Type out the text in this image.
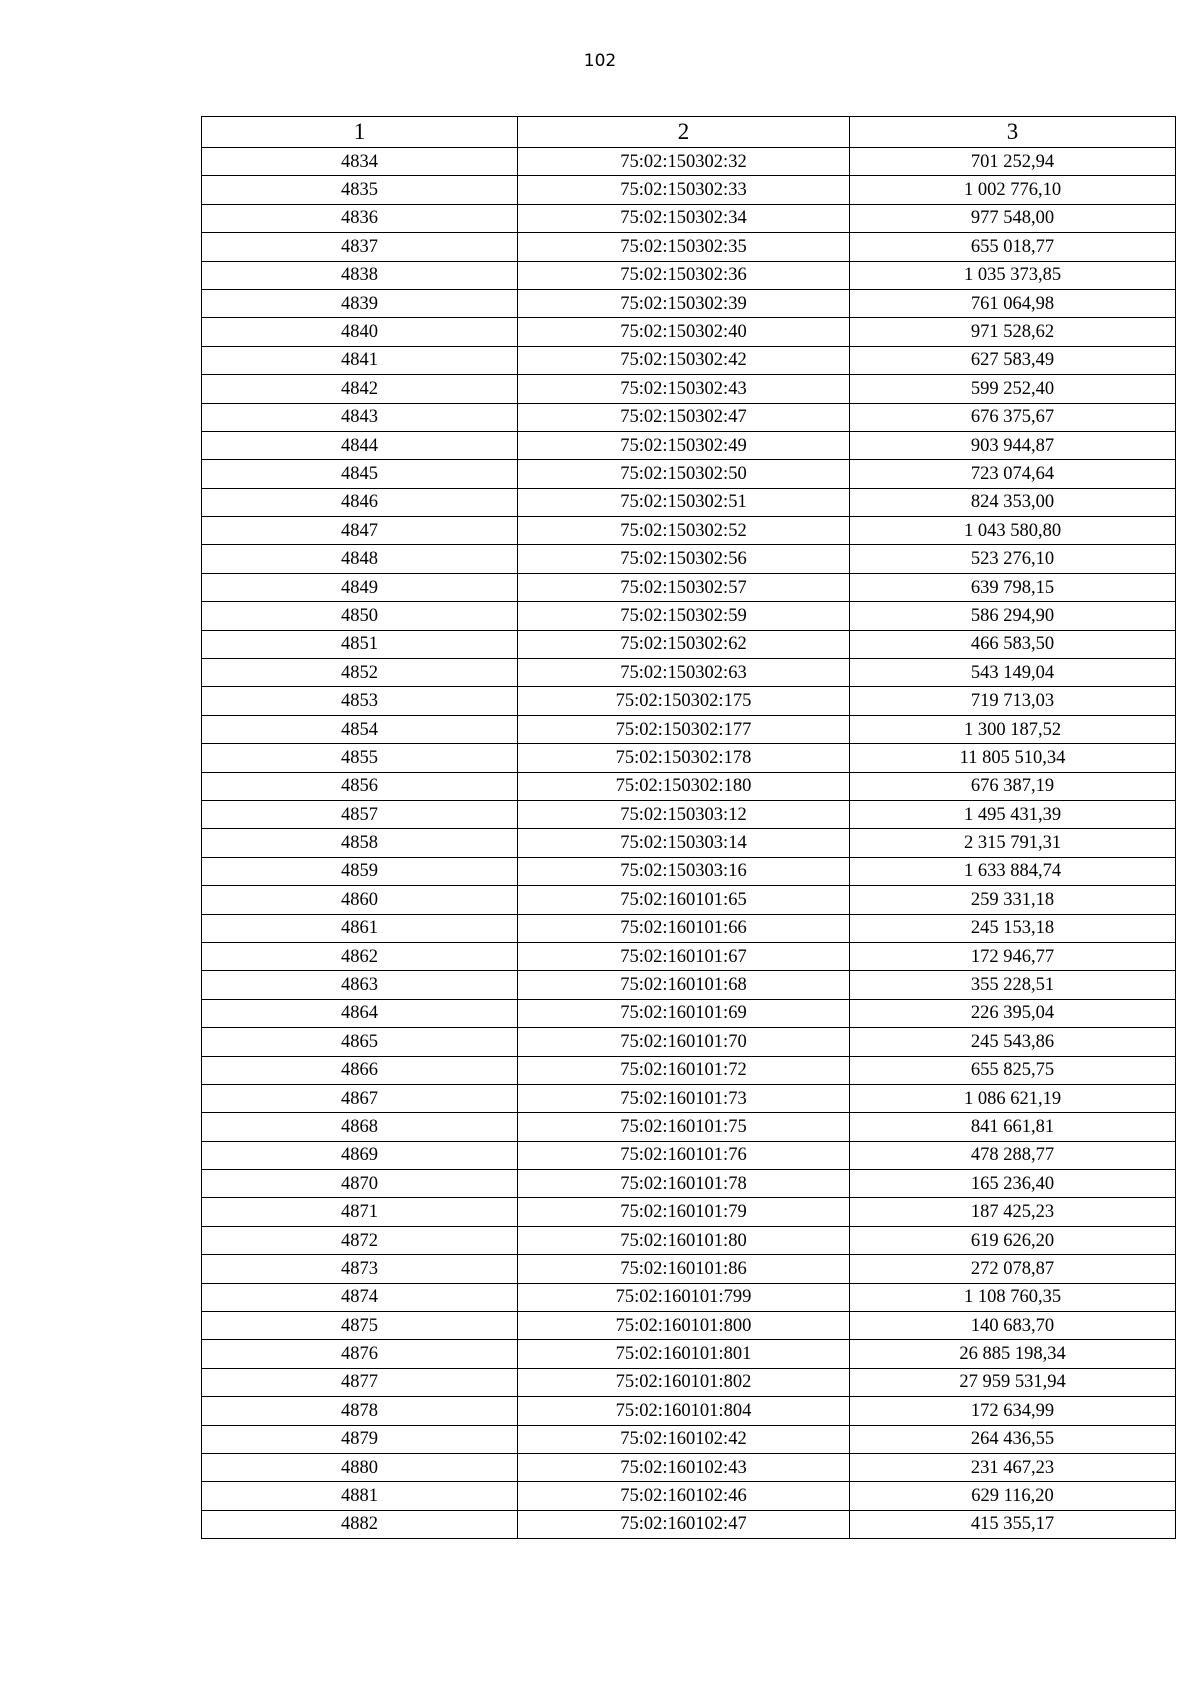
102
1	2	3
4834	75:02:150302:32	701 252,94
4835	75:02:150302:33	1 002 776,10
4836	75:02:150302:34	977 548,00
4837	75:02:150302:35	655 018,77
4838	75:02:150302:36	1 035 373,85
4839	75:02:150302:39	761 064,98
4840	75:02:150302:40	971 528,62
4841	75:02:150302:42	627 583,49
4842	75:02:150302:43	599 252,40
4843	75:02:150302:47	676 375,67
4844	75:02:150302:49	903 944,87
4845	75:02:150302:50	723 074,64
4846	75:02:150302:51	824 353,00
4847	75:02:150302:52	1 043 580,80
4848	75:02:150302:56	523 276,10
4849	75:02:150302:57	639 798,15
4850	75:02:150302:59	586 294,90
4851	75:02:150302:62	466 583,50
4852	75:02:150302:63	543 149,04
4853	75:02:150302:175	719 713,03
4854	75:02:150302:177	1 300 187,52
4855	75:02:150302:178	11 805 510,34
4856	75:02:150302:180	676 387,19
4857	75:02:150303:12	1 495 431,39
4858	75:02:150303:14	2 315 791,31
4859	75:02:150303:16	1 633 884,74
4860	75:02:160101:65	259 331,18
4861	75:02:160101:66	245 153,18
4862	75:02:160101:67	172 946,77
4863	75:02:160101:68	355 228,51
4864	75:02:160101:69	226 395,04
4865	75:02:160101:70	245 543,86
4866	75:02:160101:72	655 825,75
4867	75:02:160101:73	1 086 621,19
4868	75:02:160101:75	841 661,81
4869	75:02:160101:76	478 288,77
4870	75:02:160101:78	165 236,40
4871	75:02:160101:79	187 425,23
4872	75:02:160101:80	619 626,20
4873	75:02:160101:86	272 078,87
4874	75:02:160101:799	1 108 760,35
4875	75:02:160101:800	140 683,70
4876	75:02:160101:801	26 885 198,34
4877	75:02:160101:802	27 959 531,94
4878	75:02:160101:804	172 634,99
4879	75:02:160102:42	264 436,55
4880	75:02:160102:43	231 467,23
4881	75:02:160102:46	629 116,20
4882	75:02:160102:47	415 355,17
